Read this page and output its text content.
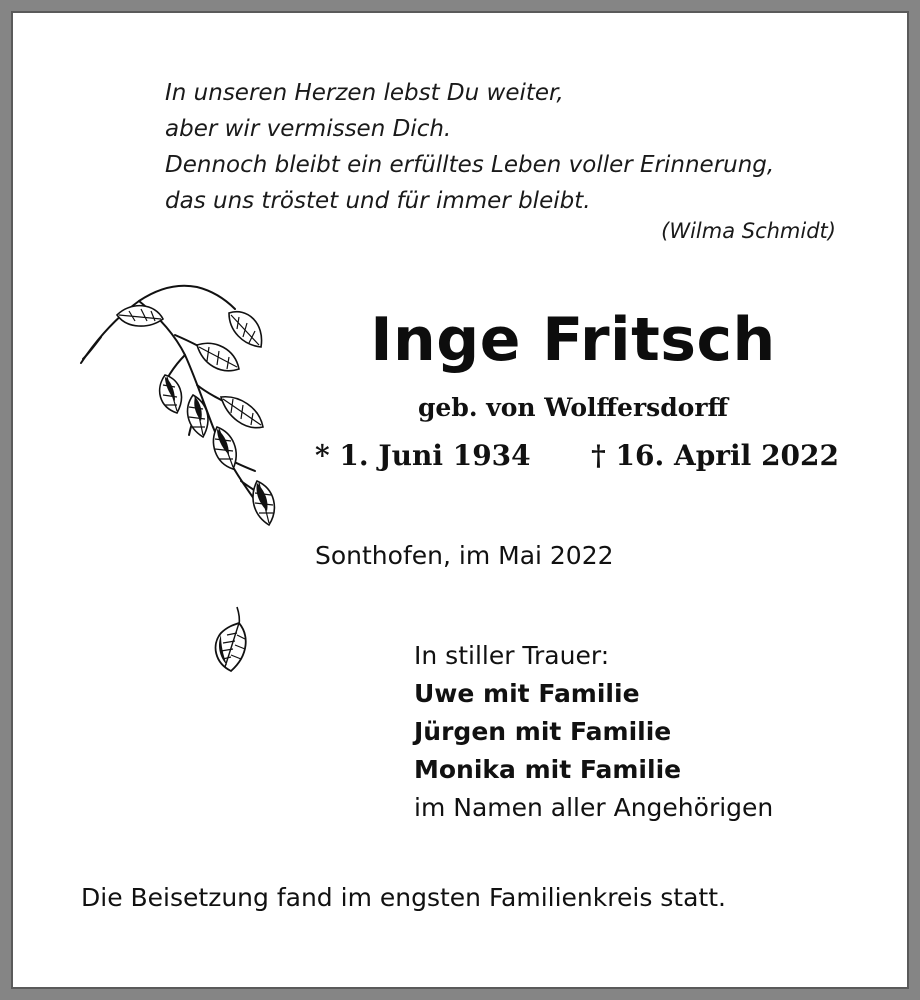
In unseren Herzen lebst Du weiter,
aber wir vermissen Dich.
Dennoch bleibt ein erfülltes Leben voller Erinnerung,
das uns tröstet und für immer bleibt.
(Wilma Schmidt)
Inge Fritsch
geb. von Wolffersdorff
* 1. Juni 1934 † 16. April 2022
Sonthofen, im Mai 2022
In stiller Trauer:
Uwe mit Familie
Jürgen mit Familie
Monika mit Familie
im Namen aller Angehörigen
Die Beisetzung fand im engsten Familienkreis statt.
